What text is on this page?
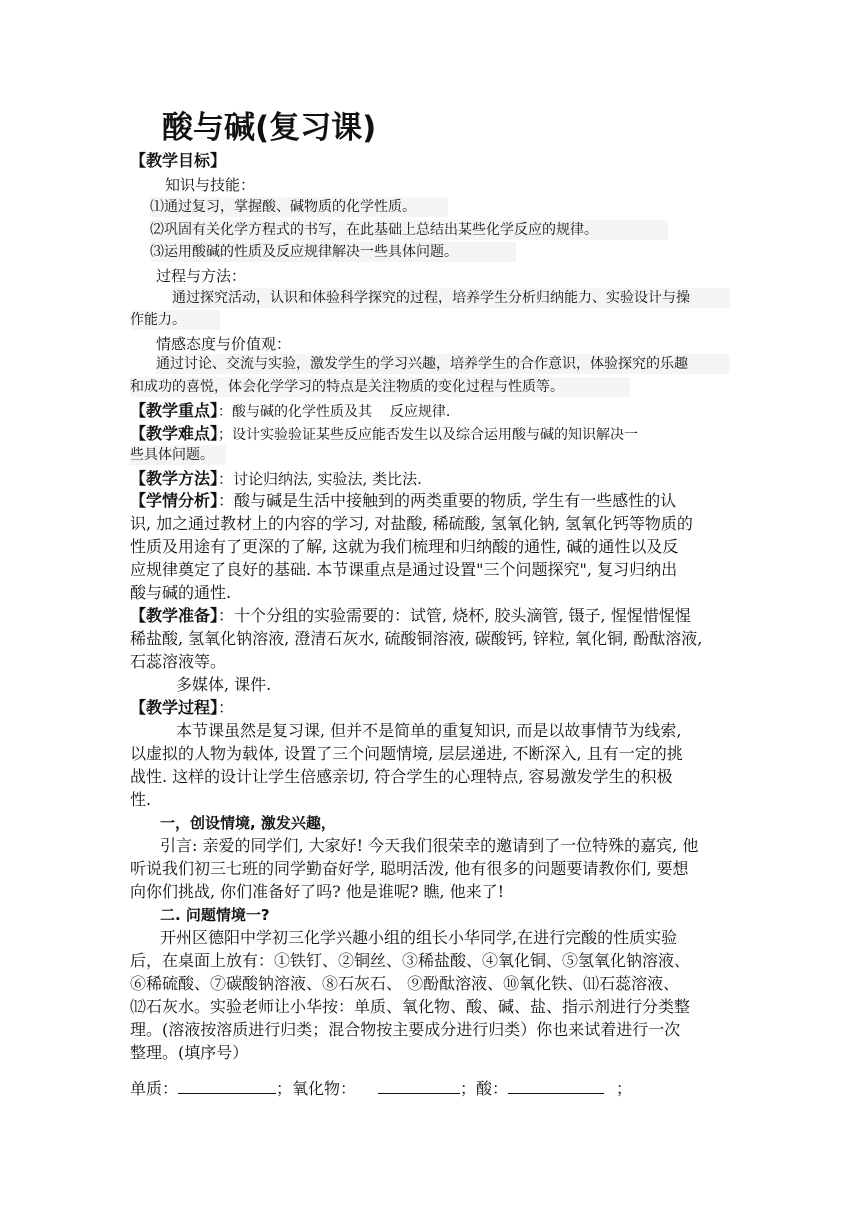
酸与碱(复习课)
【教学目标】
知识与技能：
⑴通过复习，掌握酸、碱物质的化学性质。
⑵巩固有关化学方程式的书写，在此基础上总结出某些化学反应的规律。
⑶运用酸碱的性质及反应规律解决一些具体问题。
过程与方法：
通过探究活动，认识和体验科学探究的过程，培养学生分析归纳能力、实验设计与操
作能力。
情感态度与价值观：
通过讨论、交流与实验，激发学生的学习兴趣，培养学生的合作意识，体验探究的乐趣
和成功的喜悦，体会化学学习的特点是关注物质的变化过程与性质等。
【教学重点】：酸与碱的化学性质及其    反应规律.
【教学难点】；设计实验验证某些反应能否发生以及综合运用酸与碱的知识解决一
些具体问题。
【教学方法】：讨论归纳法, 实验法, 类比法.
【学情分析】：酸与碱是生活中接触到的两类重要的物质, 学生有一些感性的认
识, 加之通过教材上的内容的学习, 对盐酸, 稀硫酸, 氢氧化钠, 氢氧化钙等物质的
性质及用途有了更深的了解, 这就为我们梳理和归纳酸的通性, 碱的通性以及反
应规律奠定了良好的基础. 本节课重点是通过设置"三个问题探究", 复习归纳出
酸与碱的通性.
【教学准备】：十个分组的实验需要的：试管, 烧杯, 胶头滴管, 镊子, 惺惺惜惺惺
稀盐酸, 氢氧化钠溶液, 澄清石灰水, 硫酸铜溶液, 碳酸钙, 锌粒, 氧化铜, 酚酞溶液,
石蕊溶液等。
多媒体, 课件.
【教学过程】：
本节课虽然是复习课, 但并不是简单的重复知识, 而是以故事情节为线索,
以虚拟的人物为载体, 设置了三个问题情境, 层层递进, 不断深入, 且有一定的挑
战性. 这样的设计让学生倍感亲切, 符合学生的心理特点, 容易激发学生的积极
性.
一，创设情境, 激发兴趣，
引言: 亲爱的同学们, 大家好! 今天我们很荣幸的邀请到了一位特殊的嘉宾, 他
听说我们初三七班的同学勤奋好学, 聪明活泼, 他有很多的问题要请教你们, 要想
向你们挑战, 你们准备好了吗? 他是谁呢? 瞧, 他来了!
二. 问题情境一?
开州区德阳中学初三化学兴趣小组的组长小华同学,在进行完酸的性质实验
后，在桌面上放有：①铁钉、②铜丝、③稀盐酸、④氧化铜、⑤氢氧化钠溶液、
⑥稀硫酸、⑦碳酸钠溶液、⑧石灰石、 ⑨酚酞溶液、⑩氧化铁、⑾石蕊溶液、
⑿石灰水。实验老师让小华按：单质、氧化物、酸、碱、盐、指示剂进行分类整
理。(溶液按溶质进行归类；混合物按主要成分进行归类）你也来试着进行一次
整理。(填序号）
单质：	；氧化物：	；酸：	；
